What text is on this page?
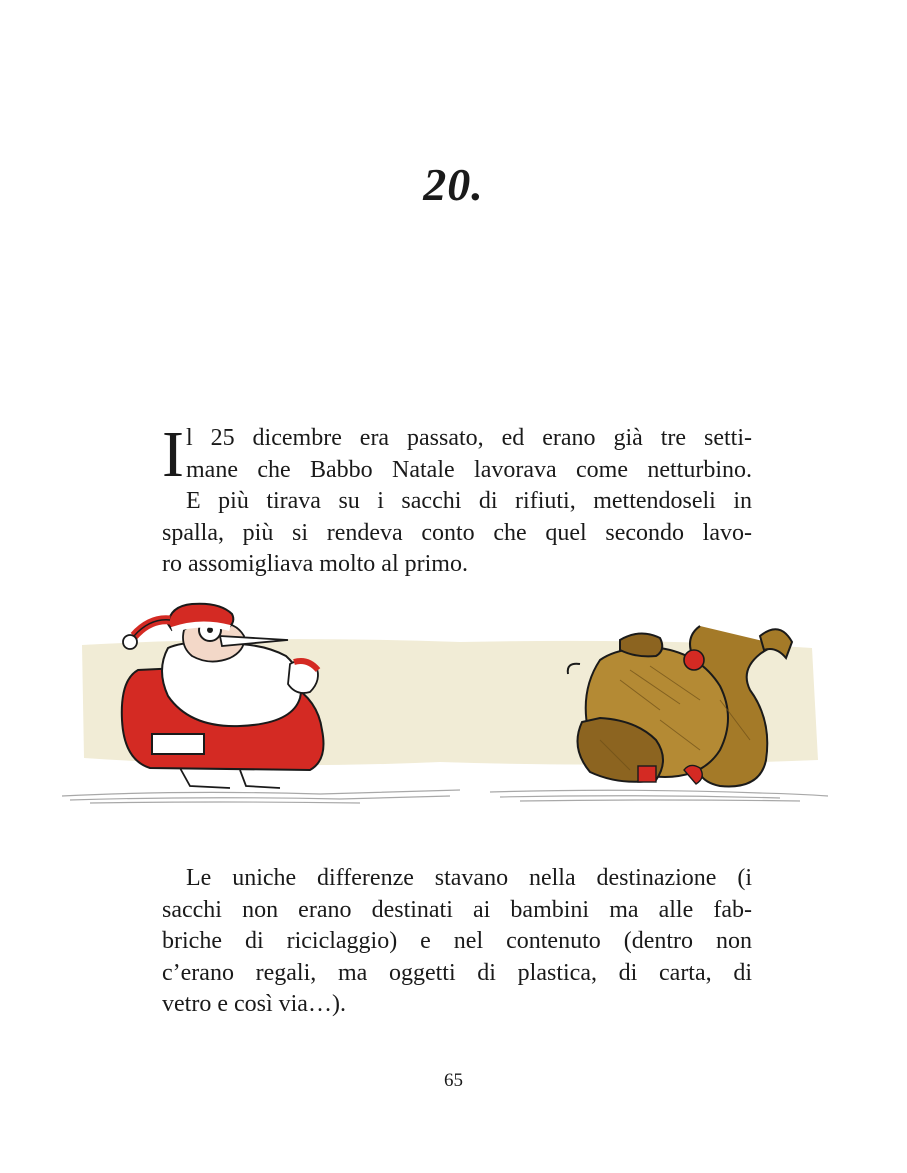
20.
I l 25 dicembre era passato, ed erano già tre setti-
mane che Babbo Natale lavorava come netturbino.
E più tirava su i sacchi di rifiuti, mettendoseli in
spalla, più si rendeva conto che quel secondo lavo-
ro assomigliava molto al primo.
Le uniche differenze stavano nella destinazione (i
sacchi non erano destinati ai bambini ma alle fab-
briche di riciclaggio) e nel contenuto (dentro non
c’erano regali, ma oggetti di plastica, di carta, di
vetro e così via…).
65
